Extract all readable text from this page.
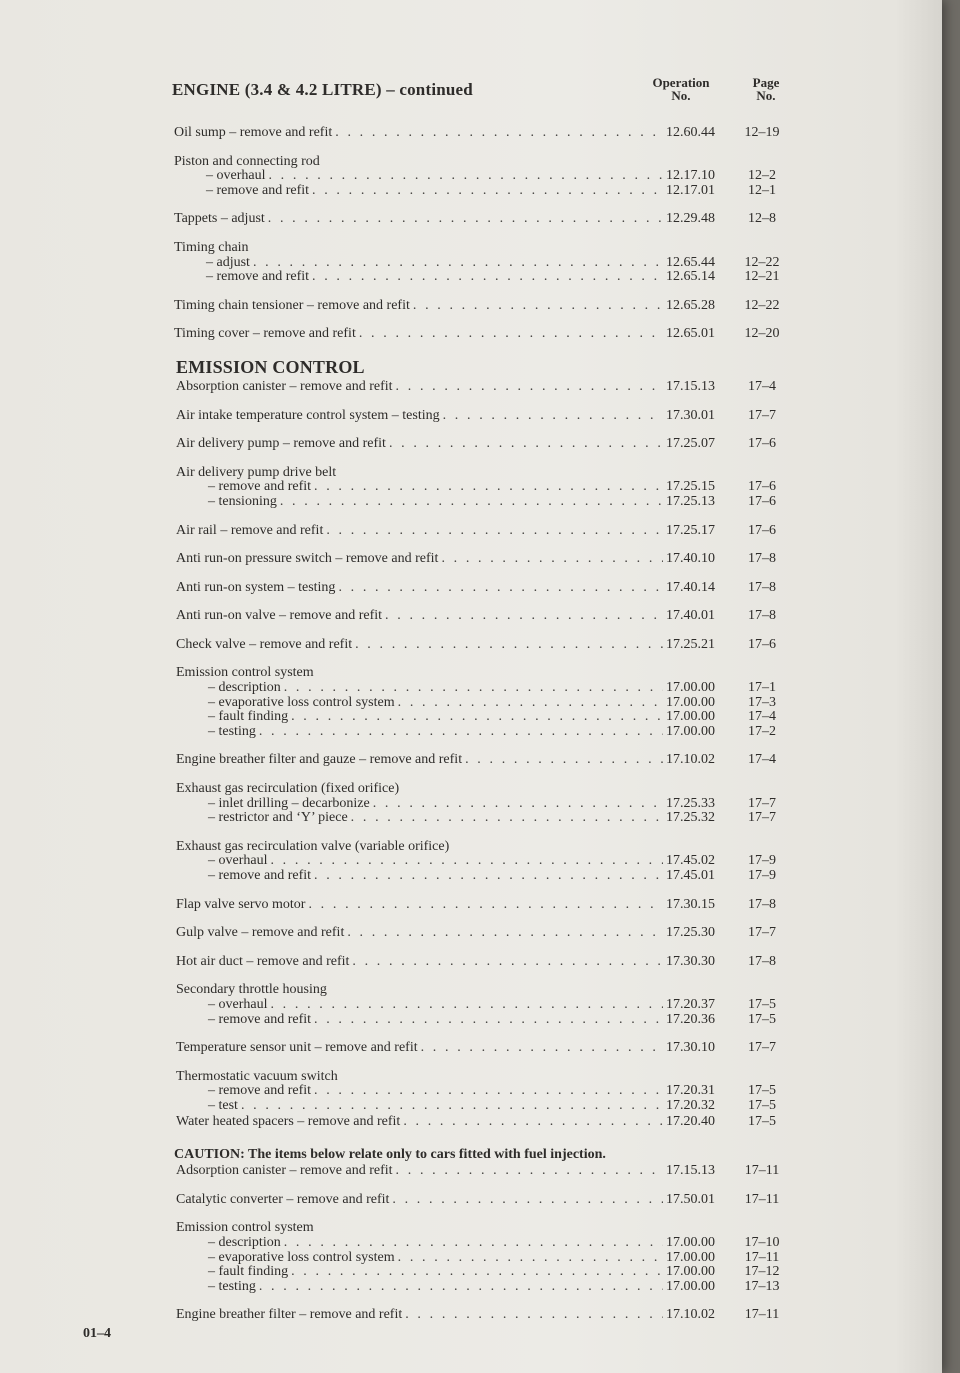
ENGINE (3.4 & 4.2 LITRE) – continued	Operation
No.
Page
No.
Oil sump – remove and refit . . .	12.60.44	12–19
Piston and connecting rod
– overhaul . . .	12.17.10	12–2
– remove and refit . . .	12.17.01	12–1
Tappets – adjust . . .	12.29.48	12–8
Timing chain
– adjust . . .	12.65.44	12–22
– remove and refit . . .	12.65.14	12–21
Timing chain tensioner – remove and refit . . .	12.65.28	12–22
Timing cover – remove and refit . . .	12.65.01	12–20
EMISSION CONTROL
Absorption canister – remove and refit . . .	17.15.13	17–4
Air intake temperature control system – testing . . .	17.30.01	17–7
Air delivery pump – remove and refit . . .	17.25.07	17–6
Air delivery pump drive belt
– remove and refit . . .	17.25.15	17–6
– tensioning . . .	17.25.13	17–6
Air rail – remove and refit . . .	17.25.17	17–6
Anti run-on pressure switch – remove and refit . . .	17.40.10	17–8
Anti run-on system – testing . . .	17.40.14	17–8
Anti run-on valve – remove and refit . . .	17.40.01	17–8
Check valve – remove and refit . . .	17.25.21	17–6
Emission control system
– description . . .	17.00.00	17–1
– evaporative loss control system . . .	17.00.00	17–3
– fault finding . . .	17.00.00	17–4
– testing . . .	17.00.00	17–2
Engine breather filter and gauze – remove and refit . . .	17.10.02	17–4
Exhaust gas recirculation (fixed orifice)
– inlet drilling – decarbonize . . .	17.25.33	17–7
– restrictor and ‘Y’ piece . . .	17.25.32	17–7
Exhaust gas recirculation valve (variable orifice)
– overhaul . . .	17.45.02	17–9
– remove and refit . . .	17.45.01	17–9
Flap valve servo motor . . .	17.30.15	17–8
Gulp valve – remove and refit . . .	17.25.30	17–7
Hot air duct – remove and refit . . .	17.30.30	17–8
Secondary throttle housing
– overhaul . . .	17.20.37	17–5
– remove and refit . . .	17.20.36	17–5
Temperature sensor unit – remove and refit . . .	17.30.10	17–7
Thermostatic vacuum switch
– remove and refit . . .	17.20.31	17–5
– test . . .	17.20.32	17–5
Water heated spacers – remove and refit . . .	17.20.40	17–5

CAUTION: The items below relate only to cars fitted with fuel injection.

Adsorption canister – remove and refit . . .	17.15.13	17–11
Catalytic converter – remove and refit . . .	17.50.01	17–11
Emission control system
– description . . .	17.00.00	17–10
– evaporative loss control system . . .	17.00.00	17–11
– fault finding . . .	17.00.00	17–12
– testing . . .	17.00.00	17–13
Engine breather filter – remove and refit . . .	17.10.02	17–11

01–4
